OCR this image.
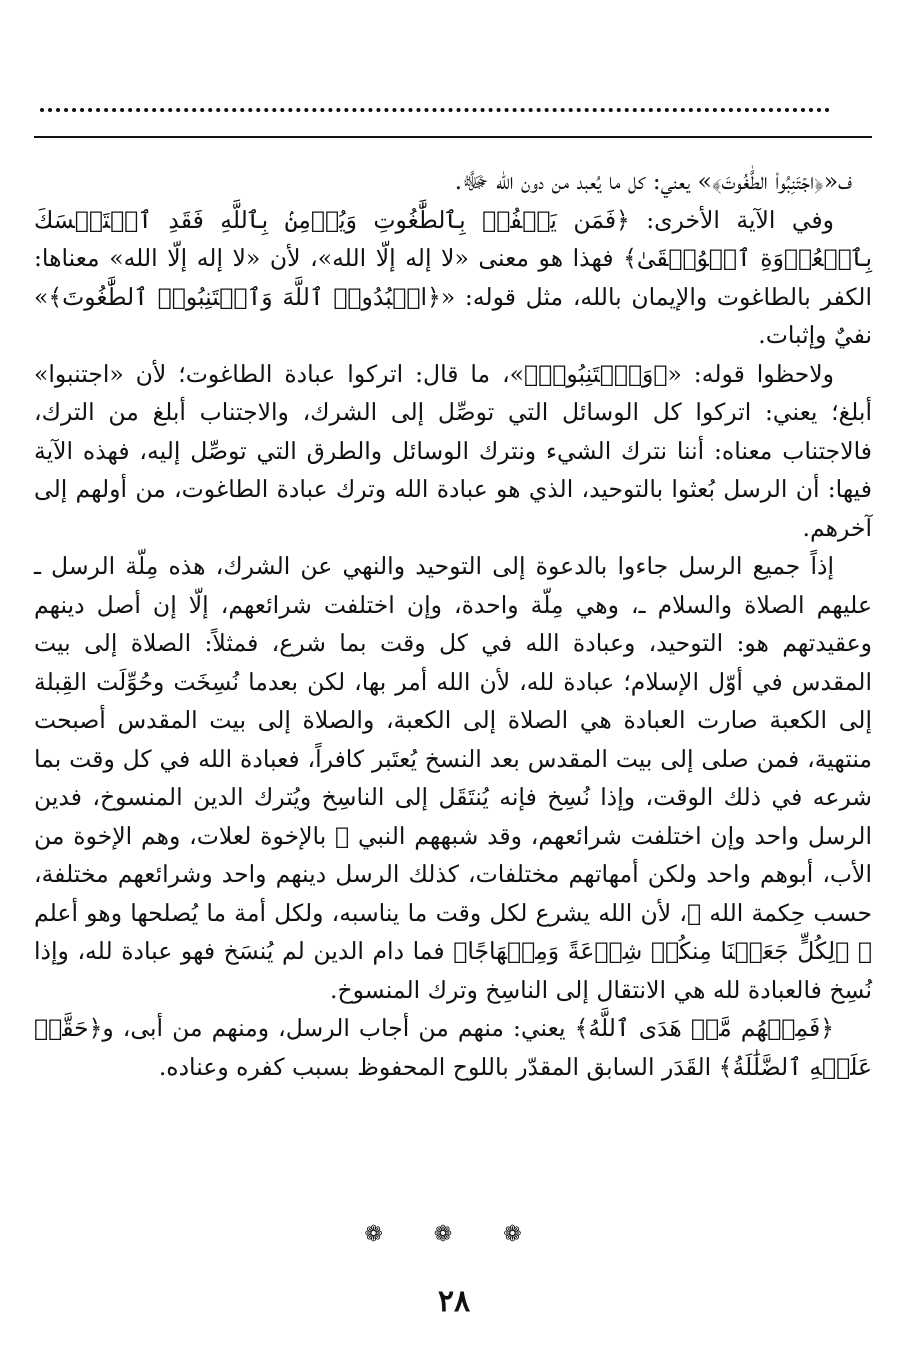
ف«﴿اجۡتَنِبُوا۟ الطَّٰغُوتَ﴾» يعني: كل ما يُعبد من دون الله ﷻ.

وفي الآية الأخرى: ﴿فَمَن يَكۡفُرۡ بِٱلطَّٰغُوتِ وَيُؤۡمِنۢ بِٱللَّهِ فَقَدِ ٱسۡتَمۡسَكَ بِٱلۡعُرۡوَةِ ٱلۡوُثۡقَىٰ﴾ فهذا هو معنى «لا إله إلّا الله»، لأن «لا إله إلّا الله» معناها: الكفر بالطاغوت والإيمان بالله، مثل قوله: «﴿اعۡبُدُوا۟ ٱللَّهَ وَٱجۡتَنِبُوا۟ ٱلطَّٰغُوتَ﴾» نفيٌ وإثبات.

ولاحظوا قوله: «﴿وَٱجۡتَنِبُوا۟﴾»، ما قال: اتركوا عبادة الطاغوت؛ لأن «اجتنبوا» أبلغ؛ يعني: اتركوا كل الوسائل التي توصِّل إلى الشرك، والاجتناب أبلغ من الترك، فالاجتناب معناه: أننا نترك الشيء ونترك الوسائل والطرق التي توصِّل إليه، فهذه الآية فيها: أن الرسل بُعثوا بالتوحيد، الذي هو عبادة الله وترك عبادة الطاغوت، من أولهم إلى آخرهم.

إذاً جميع الرسل جاءوا بالدعوة إلى التوحيد والنهي عن الشرك، هذه مِلّة الرسل ـ عليهم الصلاة والسلام ـ، وهي مِلّة واحدة، وإن اختلفت شرائعهم، إلّا إن أصل دينهم وعقيدتهم هو: التوحيد، وعبادة الله في كل وقت بما شرع، فمثلاً: الصلاة إلى بيت المقدس في أوّل الإسلام؛ عبادة لله، لأن الله أمر بها، لكن بعدما نُسِخَت وحُوِّلَت القِبلة إلى الكعبة صارت العبادة هي الصلاة إلى الكعبة، والصلاة إلى بيت المقدس أصبحت منتهية، فمن صلى إلى بيت المقدس بعد النسخ يُعتَبر كافراً، فعبادة الله في كل وقت بما شرعه في ذلك الوقت، وإذا نُسِخ فإنه يُنتَقَل إلى الناسِخ ويُترك الدين المنسوخ، فدين الرسل واحد وإن اختلفت شرائعهم، وقد شبههم النبي ﷺ بالإخوة لعلات، وهم الإخوة من الأب، أبوهم واحد ولكن أمهاتهم مختلفات، كذلك الرسل دينهم واحد وشرائعهم مختلفة، حسب حِكمة الله ﷻ، لأن الله يشرع لكل وقت ما يناسبه، ولكل أمة ما يُصلحها وهو أعلم ﷻ ﴿لِكُلٍّ جَعَلۡنَا مِنكُمۡ شِرۡعَةً وَمِنۡهَاجًا﴾ فما دام الدين لم يُنسَخ فهو عبادة لله، وإذا نُسِخ فالعبادة لله هي الانتقال إلى الناسِخ وترك المنسوخ.

﴿فَمِنۡهُم مَّنۡ هَدَى ٱللَّهُ﴾ يعني: منهم من أجاب الرسل، ومنهم من أبى، و﴿حَقَّتۡ عَلَيۡهِ ٱلضَّلَٰلَةُ﴾ القَدَر السابق المقدّر باللوح المحفوظ بسبب كفره وعناده.

❁ ❁ ❁
٢٨
